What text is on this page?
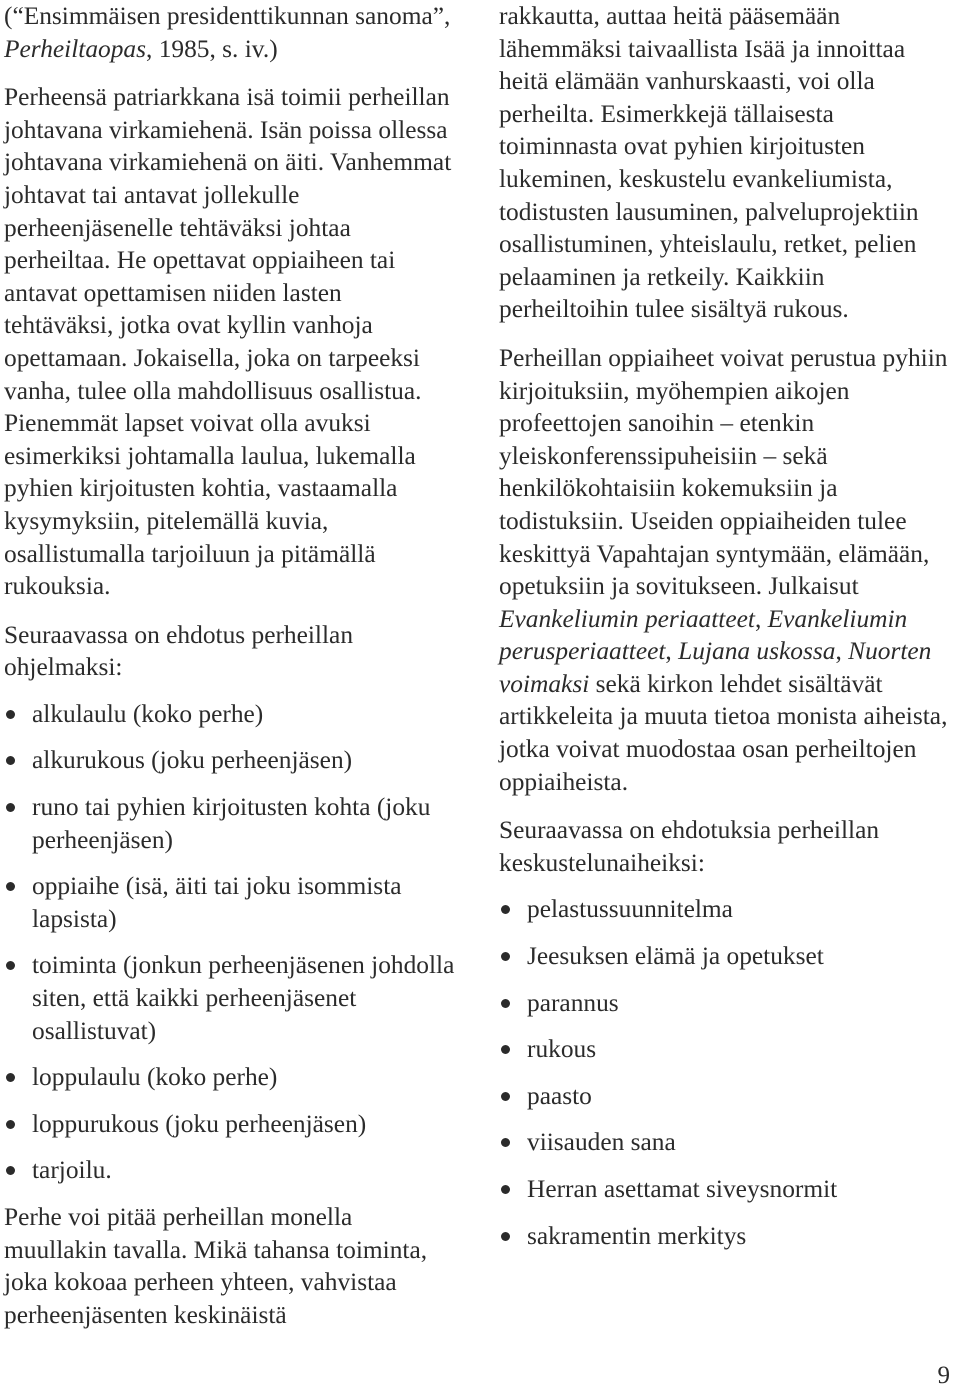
(“Ensimmäisen presidenttikunnan sanoma”, Perheiltaopas, 1985, s. iv.)

Perheensä patriarkkana isä toimii perheillan johtavana virkamiehenä. Isän poissa ollessa johtavana virkamiehenä on äiti. Vanhemmat johtavat tai antavat jollekulle perheenjäsenelle tehtäväksi johtaa perheiltaa. He opettavat oppiaiheen tai antavat opettamisen niiden lasten tehtäväksi, jotka ovat kyllin vanhoja opettamaan. Jokaisella, joka on tarpeeksi vanha, tulee olla mahdollisuus osallistua. Pienemmät lapset voivat olla avuksi esimerkiksi johtamalla laulua, lukemalla pyhien kirjoitusten kohtia, vastaamalla kysymyksiin, pitelemällä kuvia, osallistumalla tarjoiluun ja pitämällä rukouksia.

Seuraavassa on ehdotus perheillan ohjelmaksi:

alkulaulu (koko perhe)
alkurukous (joku perheenjäsen)
runo tai pyhien kirjoitusten kohta (joku perheenjäsen)
oppiaihe (isä, äiti tai joku isommista lapsista)
toiminta (jonkun perheenjäsenen johdolla siten, että kaikki perheenjäsenet osallistuvat)
loppulaulu (koko perhe)
loppurukous (joku perheenjäsen)
tarjoilu.

Perhe voi pitää perheillan monella muullakin tavalla. Mikä tahansa toiminta, joka kokoaa perheen yhteen, vahvistaa perheenjäsenten keskinäistä

rakkautta, auttaa heitä pääsemään lähemmäksi taivaallista Isää ja innoittaa heitä elämään vanhurskaasti, voi olla perheilta. Esimerkkejä tällaisesta toiminnasta ovat pyhien kirjoitusten lukeminen, keskustelu evankeliumista, todistusten lausuminen, palveluprojektiin osallistuminen, yhteislaulu, retket, pelien pelaaminen ja retkeily. Kaikkiin perheiltoihin tulee sisältyä rukous.

Perheillan oppiaiheet voivat perustua pyhiin kirjoituksiin, myöhempien aikojen profeettojen sanoihin – etenkin yleiskonferenssipuheisiin – sekä henkilökohtaisiin kokemuksiin ja todistuksiin. Useiden oppiaiheiden tulee keskittyä Vapahtajan syntymään, elämään, opetuksiin ja sovitukseen. Julkaisut Evankeliumin periaatteet, Evankeliumin perusperiaatteet, Lujana uskossa, Nuorten voimaksi sekä kirkon lehdet sisältävät artikkeleita ja muuta tietoa monista aiheista, jotka voivat muodostaa osan perheiltojen oppiaiheista.

Seuraavassa on ehdotuksia perheillan keskustelunaiheiksi:

pelastussuunnitelma
Jeesuksen elämä ja opetukset
parannus
rukous
paasto
viisauden sana
Herran asettamat siveysnormit
sakramentin merkitys
9
